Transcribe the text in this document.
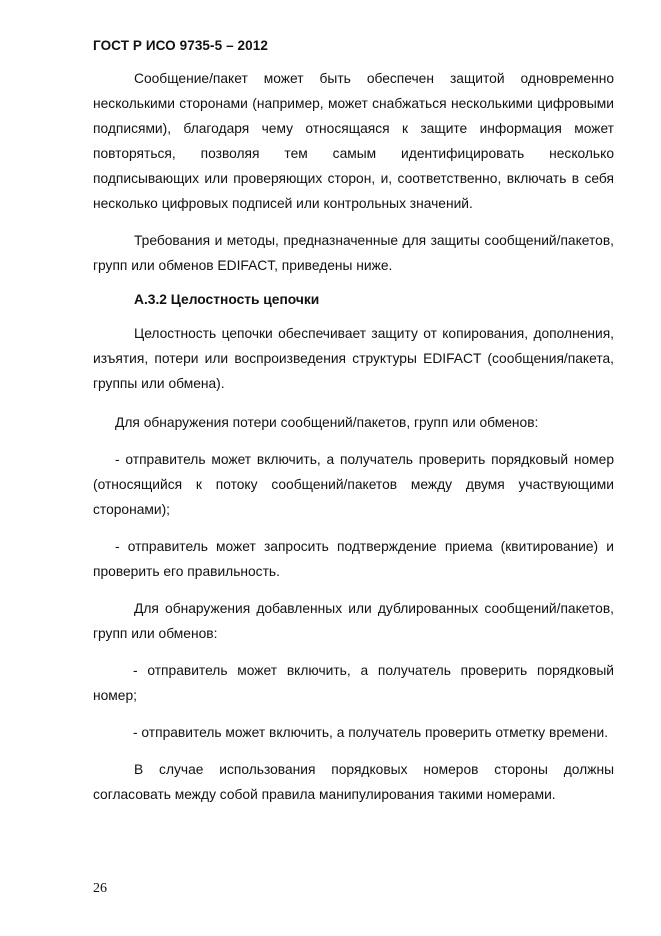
ГОСТ Р ИСО 9735-5 – 2012

Сообщение/пакет может быть обеспечен защитой одновременно несколькими сторонами (например, может снабжаться несколькими цифровыми подписями), благодаря чему относящаяся к защите информация может повторяться, позволяя тем самым идентифицировать несколько подписывающих или проверяющих сторон, и, соответственно, включать в себя несколько цифровых подписей или контрольных значений.

Требования и методы, предназначенные для защиты сообщений/пакетов, групп или обменов EDIFACT, приведены ниже.

А.3.2 Целостность цепочки

Целостность цепочки обеспечивает защиту от копирования, дополнения, изъятия, потери или воспроизведения структуры EDIFACT (сообщения/пакета, группы или обмена).

Для обнаружения потери сообщений/пакетов, групп или обменов:

- отправитель может включить, а получатель проверить порядковый номер (относящийся к потоку сообщений/пакетов между двумя участвующими сторонами);

- отправитель может запросить подтверждение приема (квитирование) и проверить его правильность.

Для обнаружения добавленных или дублированных сообщений/пакетов, групп или обменов:

- отправитель может включить, а получатель проверить порядковый номер;

- отправитель может включить, а получатель проверить отметку времени.

В случае использования порядковых номеров стороны должны согласовать между собой правила манипулирования такими номерами.

26
